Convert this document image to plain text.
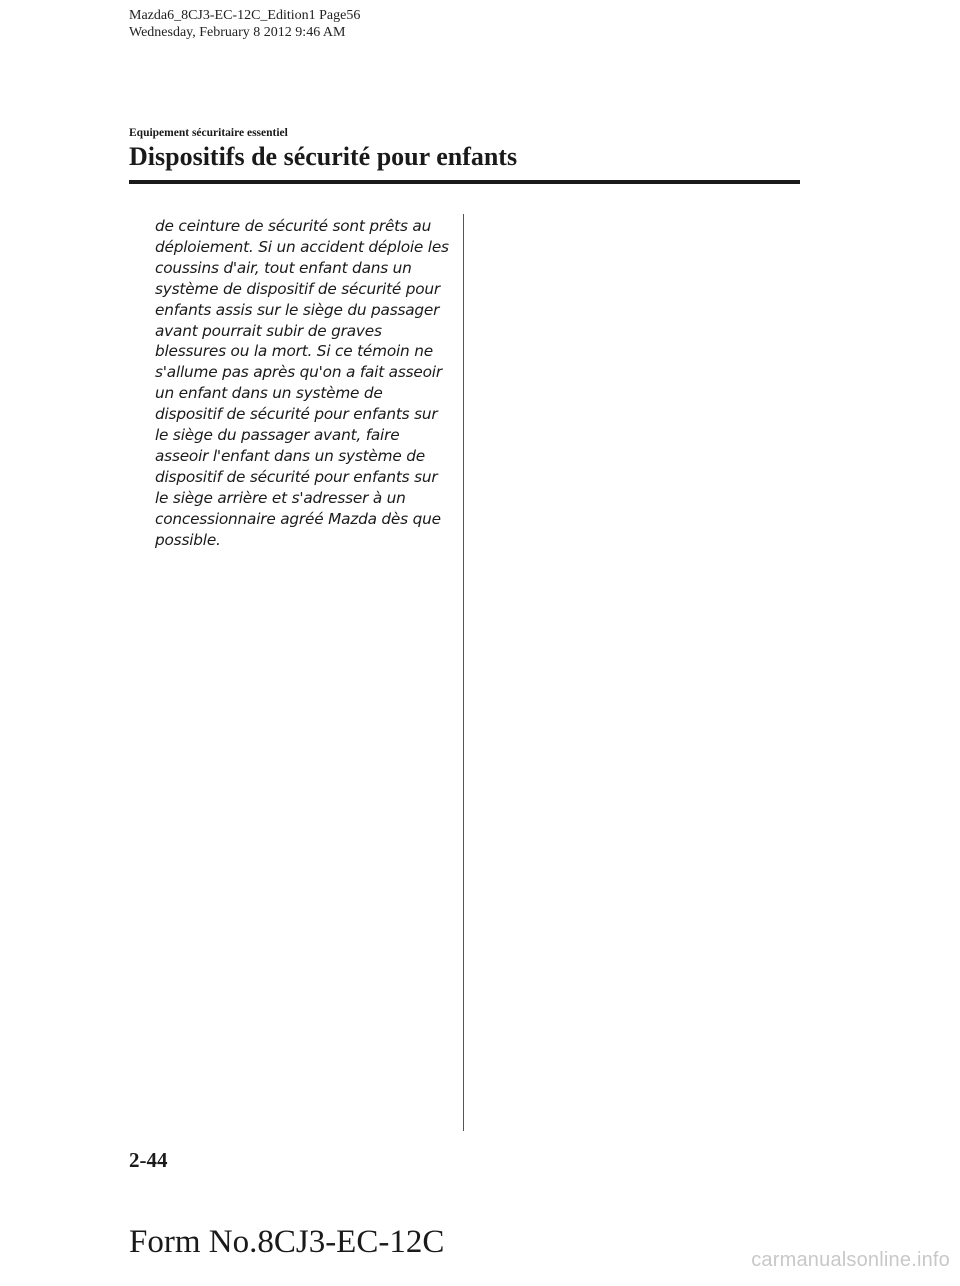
Mazda6_8CJ3-EC-12C_Edition1 Page56
Wednesday, February 8 2012 9:46 AM
Equipement sécuritaire essentiel
Dispositifs de sécurité pour enfants

de ceinture de sécurité sont prêts au
déploiement. Si un accident déploie les
coussins d'air, tout enfant dans un
système de dispositif de sécurité pour
enfants assis sur le siège du passager
avant pourrait subir de graves
blessures ou la mort. Si ce témoin ne
s'allume pas après qu'on a fait asseoir
un enfant dans un système de
dispositif de sécurité pour enfants sur
le siège du passager avant, faire
asseoir l'enfant dans un système de
dispositif de sécurité pour enfants sur
le siège arrière et s'adresser à un
concessionnaire agréé Mazda dès que
possible.

2-44
Form No.8CJ3-EC-12C	carmanualsonline.info
